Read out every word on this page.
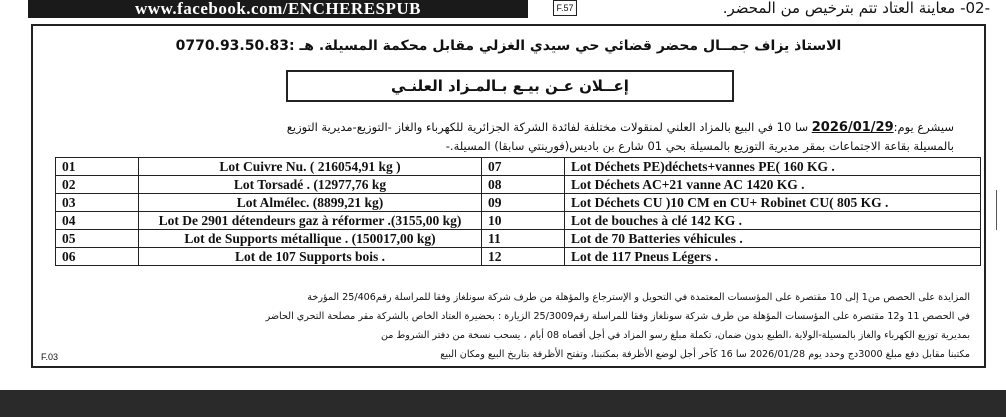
www.facebook.com/ENCHERESPUB	F.57	-02- معاينة العتاد تتم بترخيص من المحضر.
الاستاذ يزاف جمــال محضر قضائي حي سيدي الغزلي مقابل محكمة المسيلة. هـ :0770.93.50.83
إعــلان عـن بيـع بـالمـزاد العلنـي
سيشرع يوم:2026/01/29 سا 10 في البيع بالمزاد العلني لمنقولات مختلفة لفائدة الشركة الجزائرية للكهرباء والغاز -التوزيع-مديرية التوزيع
بالمسيلة بقاعة الاجتماعات بمقر مديرية التوزيع بالمسيلة بحي 01 شارع بن باديس(فورينتي سابقا) المسيلة.-
01	Lot Cuivre Nu. ( 216054,91 kg )	07	Lot Déchets PE)déchets+vannes PE( 160 KG .
02	Lot Torsadé . (12977,76 kg	08	Lot Déchets AC+21 vanne AC 1420 KG .
03	Lot Almélec. (8899,21 kg)	09	Lot Déchets CU )10 CM en CU+ Robinet CU( 805 KG .
04	Lot De 2901 détendeurs gaz à réformer .(3155,00 kg)	10	Lot de bouches à clé 142 KG .
05	Lot de Supports métallique . (150017,00 kg)	11	Lot de 70 Batteries véhicules .
06	Lot de 107 Supports bois .	12	Lot de 117 Pneus Légers .
المزايدة على الحصص من1 إلى 10 مقتصرة على المؤسسات المعتمدة في التحويل و الإسترجاع والمؤهلة من طرف شركة سونلغاز وفقا للمراسلة رقم25/406 المؤرخة
في الحصص 11 و12 مقتصرة على المؤسسات المؤهلة من طرف شركة سونلغاز وفقا للمراسلة رقم25/3009 الزيارة : بحضيرة العتاد الخاص بالشركة مقر مصلحة التحري الحاضر
بمديرية توزيع الكهرباء والغاز بالمسيلة-الولاية ،الطبع بدون ضمان، تكملة مبلغ رسو المزاد في أجل أقصاه 08 أيام ، يسحب نسخة من دفتر الشروط من
مكتبنا مقابل دفع مبلغ 3000دج وحدد يوم 2026/01/28 سا 16 كآخر أجل لوضع الأظرفة بمكتبنا، وتفتح الأظرفة بتاريخ البيع ومكان البيع
F.03
